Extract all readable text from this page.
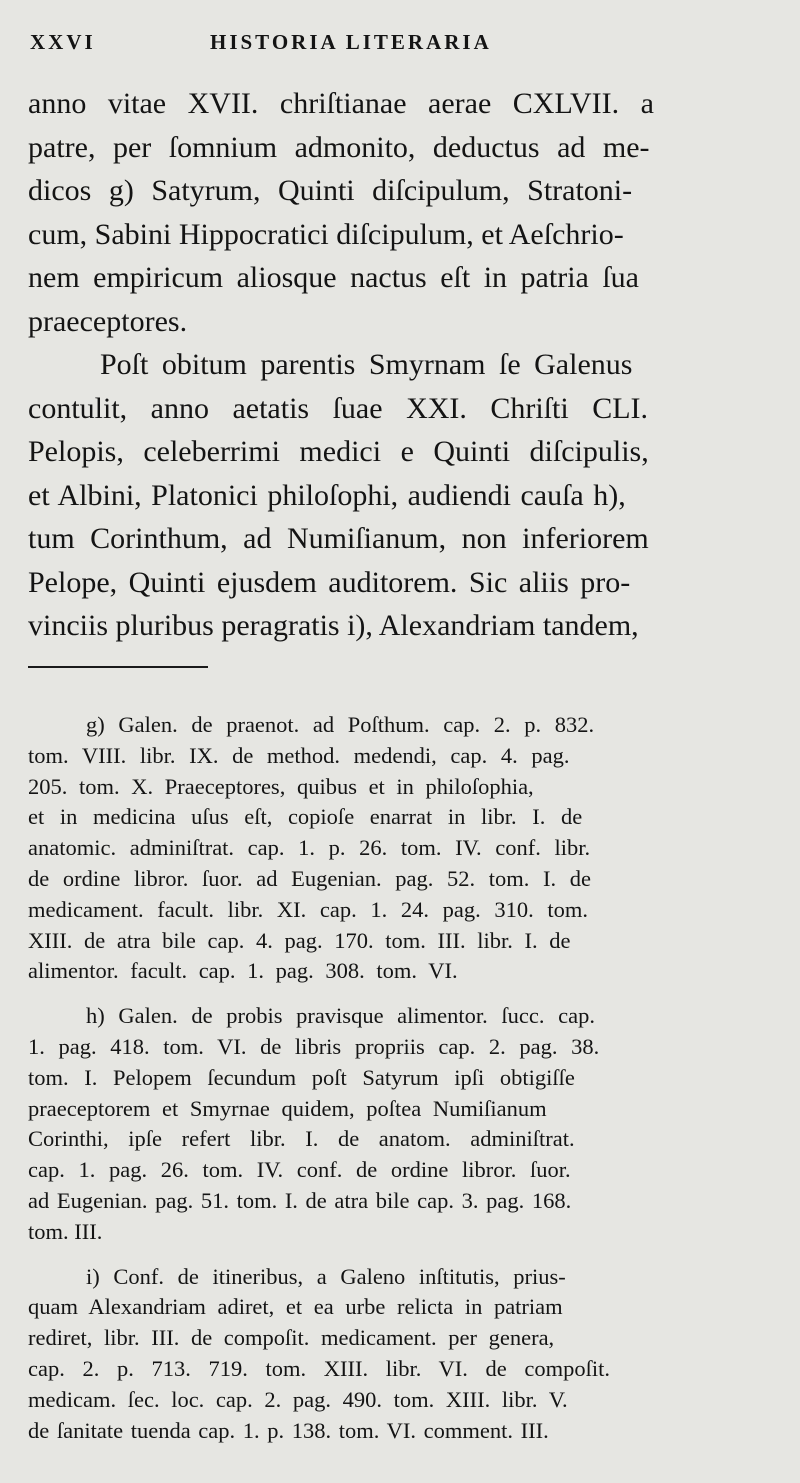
XXVI	HISTORIA LITERARIA
anno vitae XVII. chriſtianae aerae CXLVII. a
patre, per ſomnium admonito, deductus ad me-
dicos g) Satyrum, Quinti diſcipulum, Stratoni-
cum, Sabini Hippocratici diſcipulum, et Aeſchrio-
nem empiricum aliosque nactus eſt in patria ſua
praeceptores.
Poſt obitum parentis Smyrnam ſe Galenus
contulit, anno aetatis ſuae XXI. Chriſti CLI.
Pelopis, celeberrimi medici e Quinti diſcipulis,
et Albini, Platonici philoſophi, audiendi cauſa h),
tum Corinthum, ad Numiſianum, non inferiorem
Pelope, Quinti ejusdem auditorem. Sic aliis pro-
vinciis pluribus peragratis i), Alexandriam tandem,
g) Galen. de praenot. ad Poſthum. cap. 2. p. 832.
tom. VIII. libr. IX. de method. medendi, cap. 4. pag.
205. tom. X. Praeceptores, quibus et in philoſophia,
et in medicina uſus eſt, copioſe enarrat in libr. I. de
anatomic. adminiſtrat. cap. 1. p. 26. tom. IV. conf. libr.
de ordine libror. ſuor. ad Eugenian. pag. 52. tom. I. de
medicament. facult. libr. XI. cap. 1. 24. pag. 310. tom.
XIII. de atra bile cap. 4. pag. 170. tom. III. libr. I. de
alimentor. facult. cap. 1. pag. 308. tom. VI.
h) Galen. de probis pravisque alimentor. ſucc. cap.
1. pag. 418. tom. VI. de libris propriis cap. 2. pag. 38.
tom. I. Pelopem ſecundum poſt Satyrum ipſi obtigiſſe
praeceptorem et Smyrnae quidem, poſtea Numiſianum
Corinthi, ipſe refert libr. I. de anatom. adminiſtrat.
cap. 1. pag. 26. tom. IV. conf. de ordine libror. ſuor.
ad Eugenian. pag. 51. tom. I. de atra bile cap. 3. pag. 168.
tom. III.
i) Conf. de itineribus, a Galeno inſtitutis, prius-
quam Alexandriam adiret, et ea urbe relicta in patriam
rediret, libr. III. de compoſit. medicament. per genera,
cap. 2. p. 713. 719. tom. XIII. libr. VI. de compoſit.
medicam. ſec. loc. cap. 2. pag. 490. tom. XIII. libr. V.
de ſanitate tuenda cap. 1. p. 138. tom. VI. comment. III.
